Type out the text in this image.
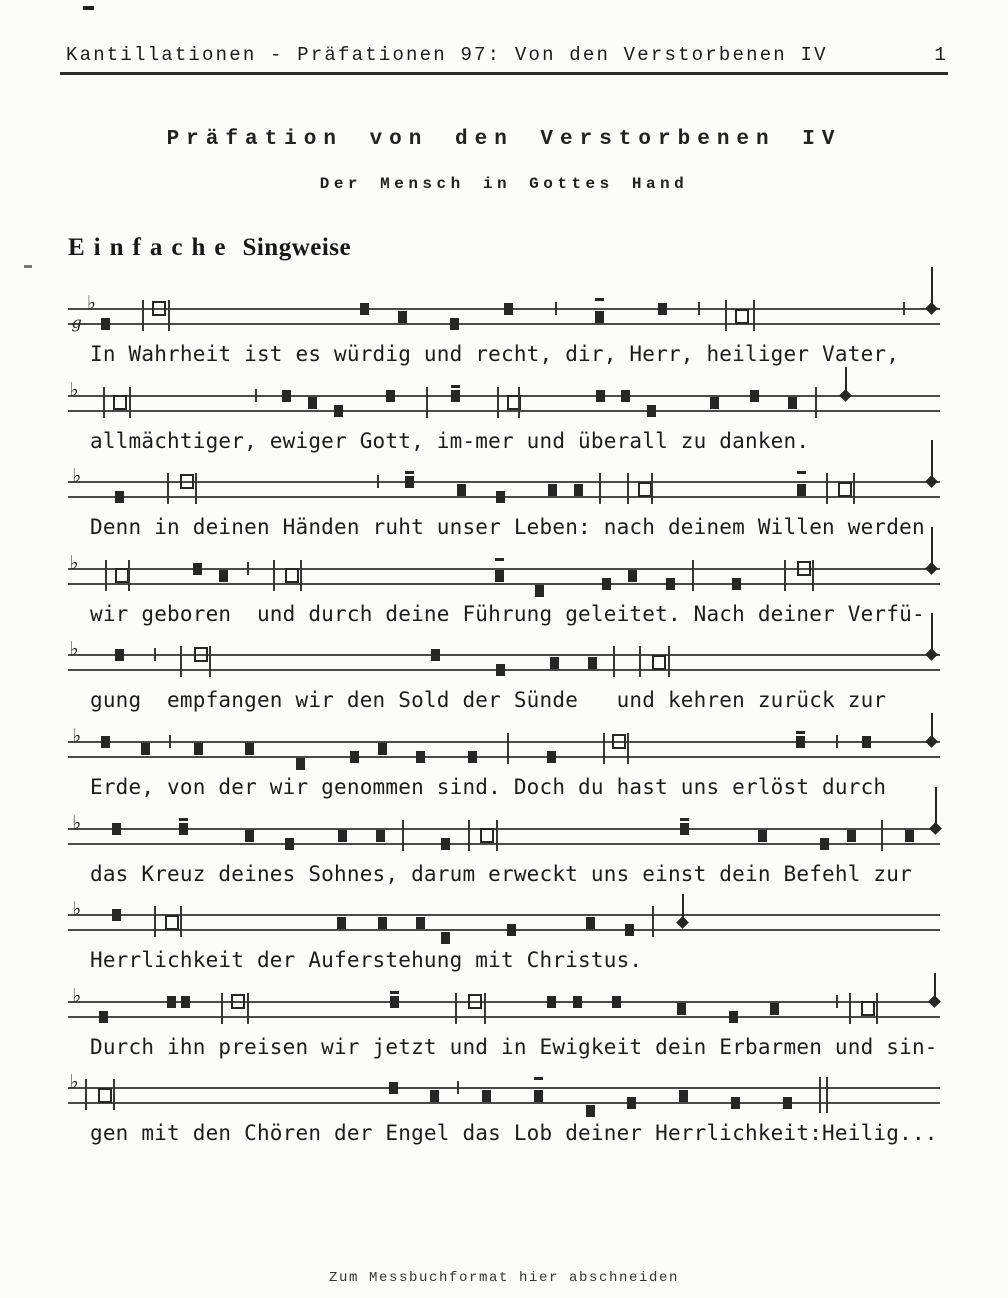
Kantillationen - Präfationen 97: Von den Verstorbenen IV	1
Präfation von den Verstorbenen IV
Der Mensch in Gottes Hand
Einfache Singweise
g
♭
In Wahrheit ist es würdig und recht, dir, Herr, heiliger Vater,
♭
allmächtiger, ewiger Gott, im-mer und überall zu danken.
♭
Denn in deinen Händen ruht unser Leben: nach deinem Willen werden
♭
wir geboren  und durch deine Führung geleitet. Nach deiner Verfü-
♭
gung  empfangen wir den Sold der Sünde   und kehren zurück zur
♭
Erde, von der wir genommen sind. Doch du hast uns erlöst durch
♭
das Kreuz deines Sohnes, darum erweckt uns einst dein Befehl zur
♭
Herrlichkeit der Auferstehung mit Christus.
♭
Durch ihn preisen wir jetzt und in Ewigkeit dein Erbarmen und sin-
♭
gen mit den Chören der Engel das Lob deiner Herrlichkeit:Heilig...
Zum Messbuchformat hier abschneiden
